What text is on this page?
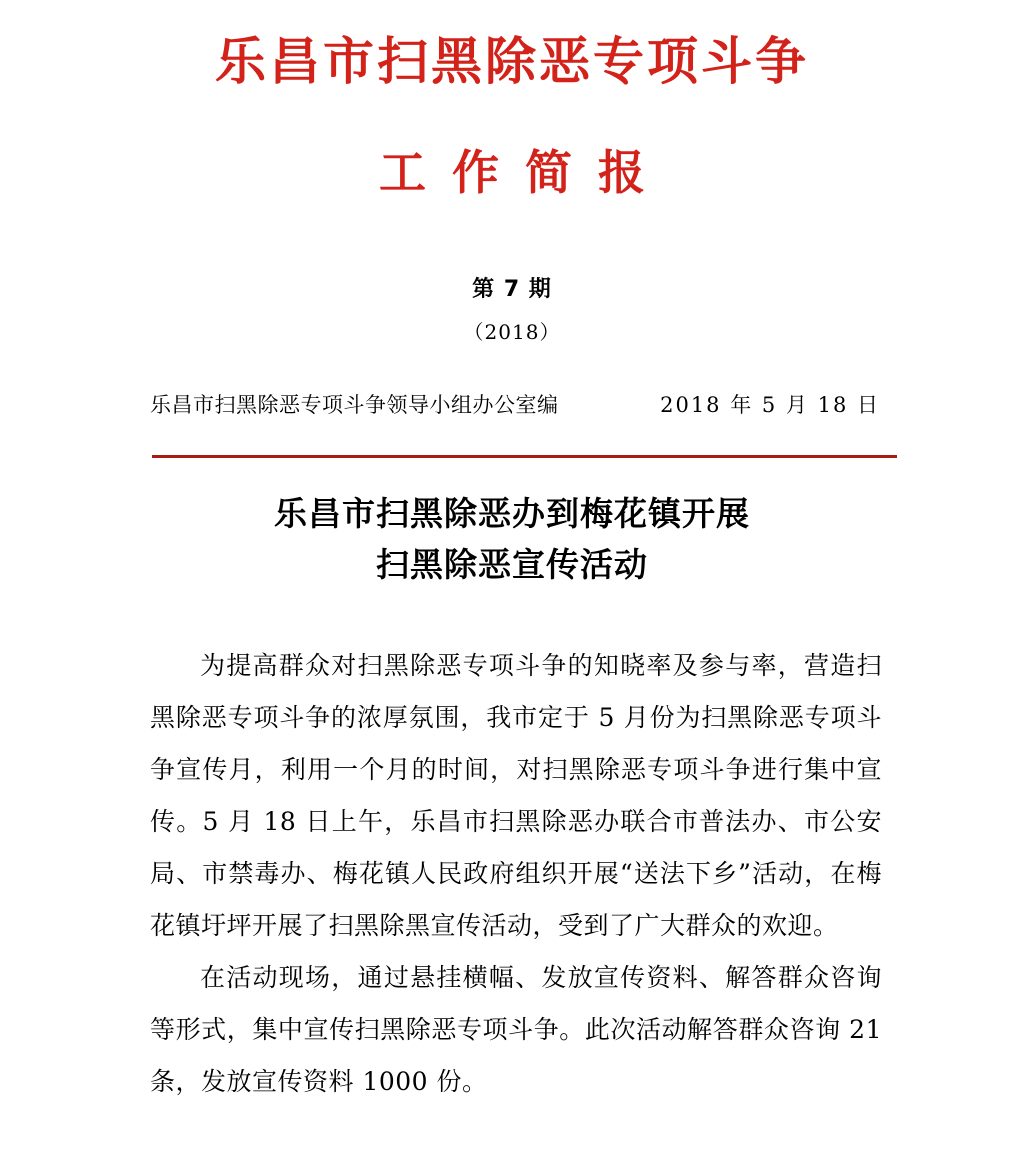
乐昌市扫黑除恶专项斗争
工作简报
第 7 期
（2018）
乐昌市扫黑除恶专项斗争领导小组办公室编	2018 年 5 月 18 日
乐昌市扫黑除恶办到梅花镇开展
扫黑除恶宣传活动

为提高群众对扫黑除恶专项斗争的知晓率及参与率，营造扫黑除恶专项斗争的浓厚氛围，我市定于 5 月份为扫黑除恶专项斗争宣传月，利用一个月的时间，对扫黑除恶专项斗争进行集中宣传。5 月 18 日上午，乐昌市扫黑除恶办联合市普法办、市公安局、市禁毒办、梅花镇人民政府组织开展“送法下乡”活动，在梅花镇圩坪开展了扫黑除黑宣传活动，受到了广大群众的欢迎。

在活动现场，通过悬挂横幅、发放宣传资料、解答群众咨询等形式，集中宣传扫黑除恶专项斗争。此次活动解答群众咨询 21 条，发放宣传资料 1000 份。
